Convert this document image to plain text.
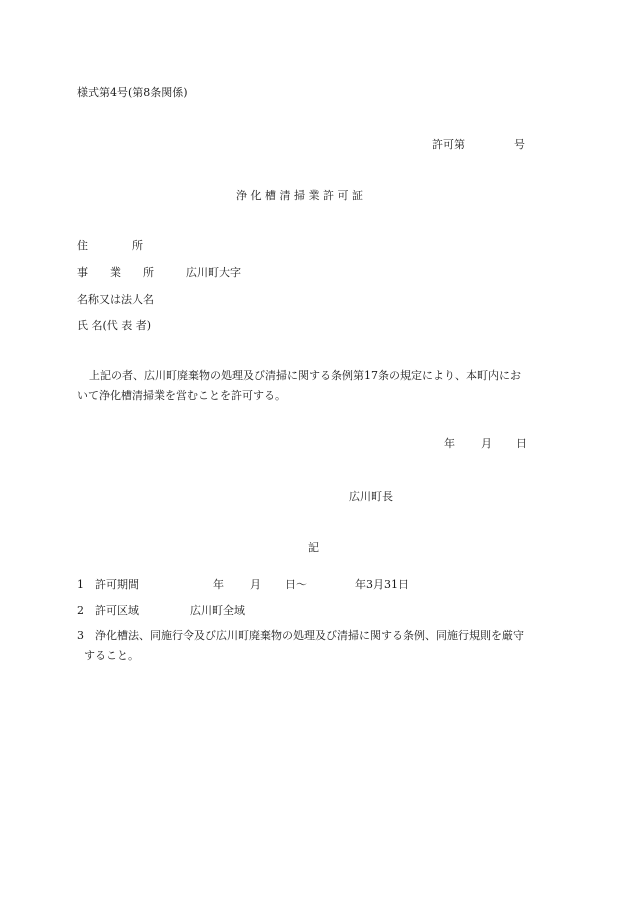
様式第4号(第8条関係)
許可第	号
浄 化 槽 清 掃 業 許 可 証
住　　　　所
事　　業　　所	広川町大字
名称又は法人名
氏 名(代 表 者)
上記の者、広川町廃棄物の処理及び清掃に関する条例第17条の規定により、本町内にお
いて浄化槽清掃業を営むことを許可する。
年 月 日
広川町長
記
1 許可期間	年 月 日〜	年3月31日
2 許可区域	広川町全域
3 浄化槽法、同施行令及び広川町廃棄物の処理及び清掃に関する条例、同施行規則を厳守
すること。
